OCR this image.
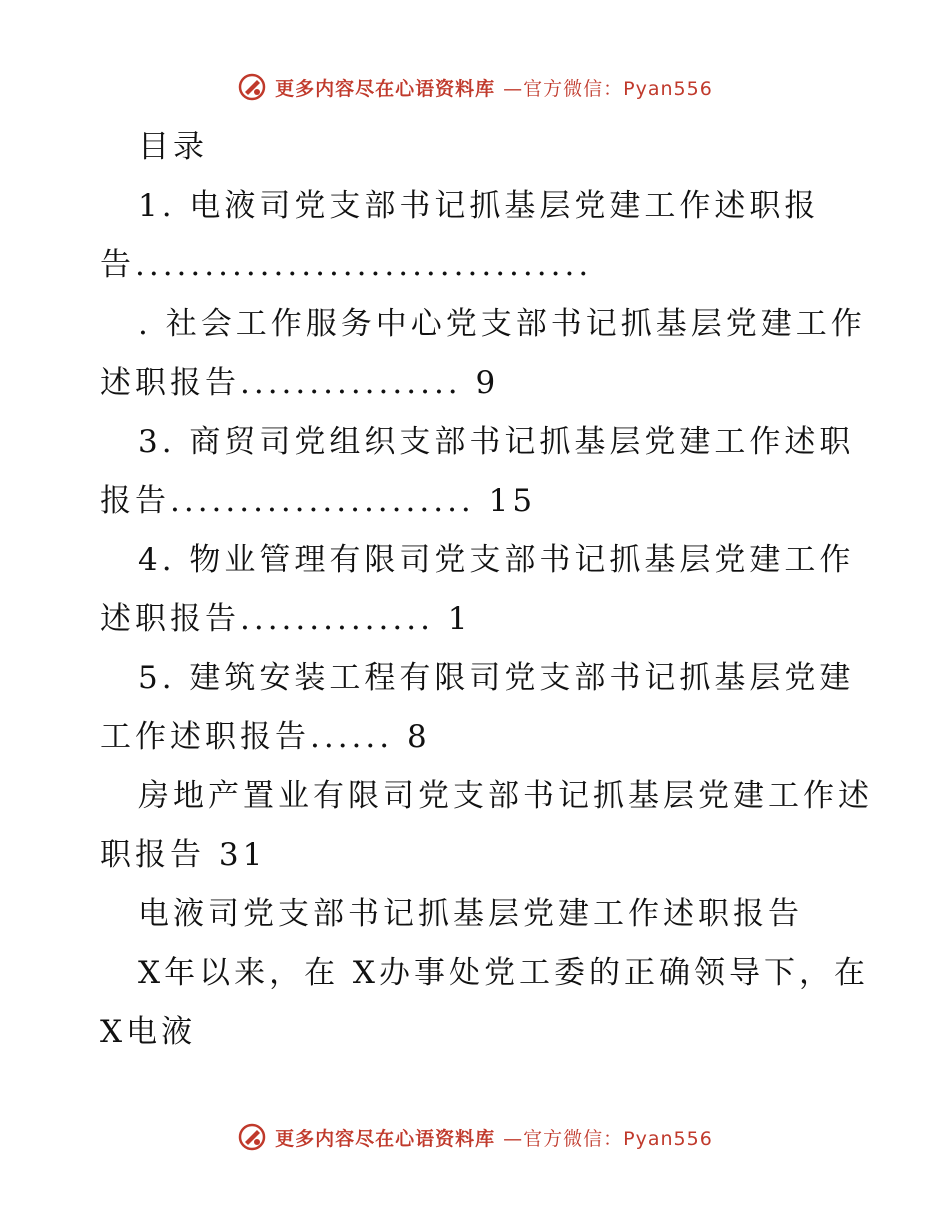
更多内容尽在心语资料库 —官方微信：Pyan556
目录
1. 电液司党支部书记抓基层党建工作述职报
告.................................
. 社会工作服务中心党支部书记抓基层党建工作
述职报告................ 9
3. 商贸司党组织支部书记抓基层党建工作述职
报告...................... 15
4. 物业管理有限司党支部书记抓基层党建工作
述职报告.............. 1
5. 建筑安装工程有限司党支部书记抓基层党建
工作述职报告...... 8
房地产置业有限司党支部书记抓基层党建工作述
职报告 31
电液司党支部书记抓基层党建工作述职报告
X年以来，在 X办事处党工委的正确领导下，在
X电液
更多内容尽在心语资料库 —官方微信：Pyan556
